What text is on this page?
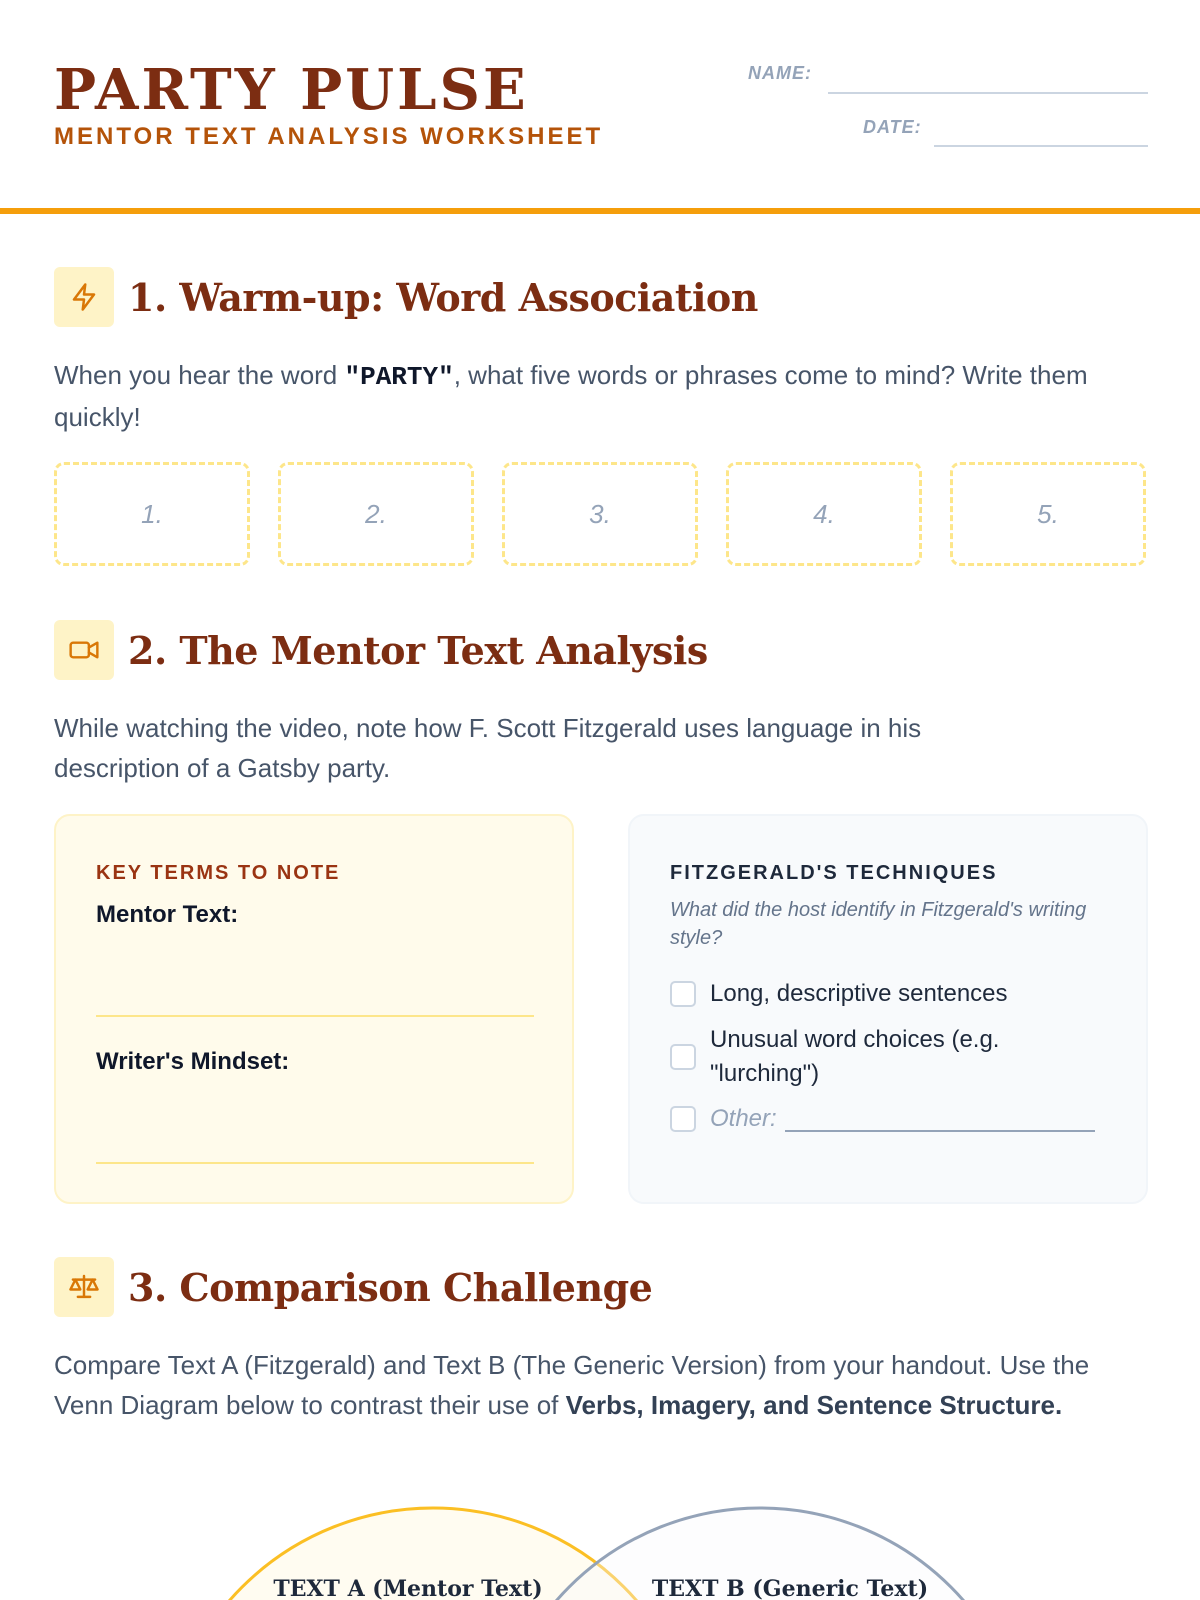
PARTY PULSE
MENTOR TEXT ANALYSIS WORKSHEET
NAME:
DATE:
1. Warm-up: Word Association
When you hear the word "PARTY", what five words or phrases come to mind? Write them quickly!
1.	2.	3.	4.	5.
2. The Mentor Text Analysis
While watching the video, note how F. Scott Fitzgerald uses language in his description of a Gatsby party.
KEY TERMS TO NOTE
Mentor Text:
Writer's Mindset:
FITZGERALD'S TECHNIQUES
What did the host identify in Fitzgerald's writing style?
Long, descriptive sentences
Unusual word choices (e.g. "lurching")
Other:
3. Comparison Challenge
Compare Text A (Fitzgerald) and Text B (The Generic Version) from your handout. Use the Venn Diagram below to contrast their use of Verbs, Imagery, and Sentence Structure.
TEXT A (Mentor Text)	TEXT B (Generic Text)
